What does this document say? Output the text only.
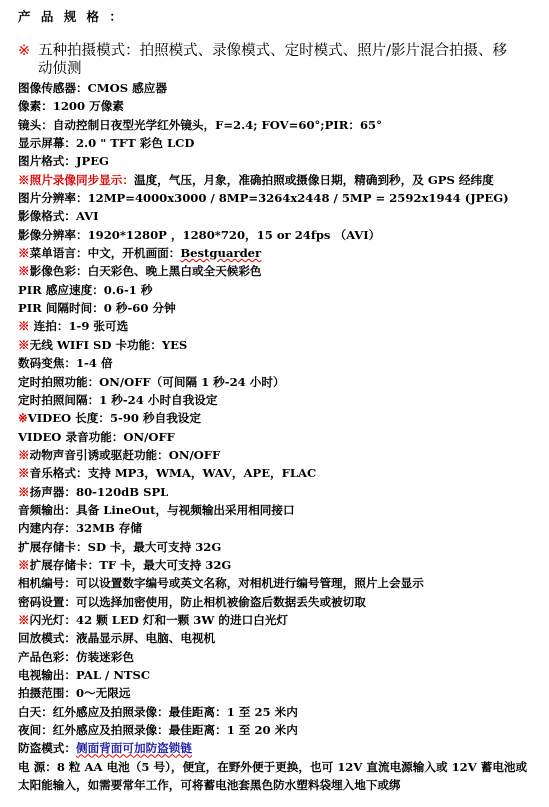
产 品 规 格 ：
※ 五种拍摄模式：拍照模式、录像模式、定时模式、照片/影片混合拍摄、移
动侦测
图像传感器：CMOS 感应器
像素：1200 万像素
镜头：自动控制日夜型光学红外镜头，F=2.4; FOV=60°;PIR：65°
显示屏幕：2.0 " TFT 彩色 LCD
图片格式：JPEG
※照片录像同步显示：温度，气压，月象，准确拍照或摄像日期，精确到秒，及 GPS 经纬度
图片分辨率：12MP=4000x3000 / 8MP=3264x2448 / 5MP = 2592x1944 (JPEG)
影像格式：AVI
影像分辨率：1920*1280P ，1280*720，15 or 24fps （AVI）
※菜单语言：中文，开机画面：Bestguarder
※影像色彩：白天彩色、晚上黑白或全天候彩色
PIR 感应速度：0.6-1 秒
PIR 间隔时间：0 秒-60 分钟
※ 连拍：1-9 张可选
※无线 WIFI SD 卡功能：YES
数码变焦：1-4 倍
定时拍照功能：ON/OFF（可间隔 1 秒-24 小时）
定时拍照间隔：1 秒-24 小时自我设定
※VIDEO 长度：5-90 秒自我设定
VIDEO 录音功能：ON/OFF
※动物声音引诱或驱赶功能：ON/OFF
※音乐格式：支持 MP3，WMA，WAV，APE，FLAC
※扬声器：80-120dB SPL
音频输出：具备 LineOut，与视频输出采用相同接口
内建内存：32MB 存储
扩展存储卡：SD 卡，最大可支持 32G
※扩展存储卡：TF 卡，最大可支持 32G
相机编号：可以设置数字编号或英文名称，对相机进行编号管理，照片上会显示
密码设置：可以选择加密使用，防止相机被偷盗后数据丢失或被切取
※闪光灯：42 颗 LED 灯和一颗 3W 的进口白光灯
回放模式：液晶显示屏、电脑、电视机
产品色彩：仿装迷彩色
电视输出：PAL / NTSC
拍摄范围：0～无限远
白天：红外感应及拍照录像：最佳距离：1 至 25 米内
夜间：红外感应及拍照录像：最佳距离：1 至 20 米内
防盗模式：侧面背面可加防盗锁链
电 源：8 粒 AA 电池（5 号），便宜，在野外便于更换，也可 12V 直流电源输入或 12V 蓄电池或太阳能输入，如需要常年工作，可将蓄电池套黑色防水塑料袋埋入地下或绑
